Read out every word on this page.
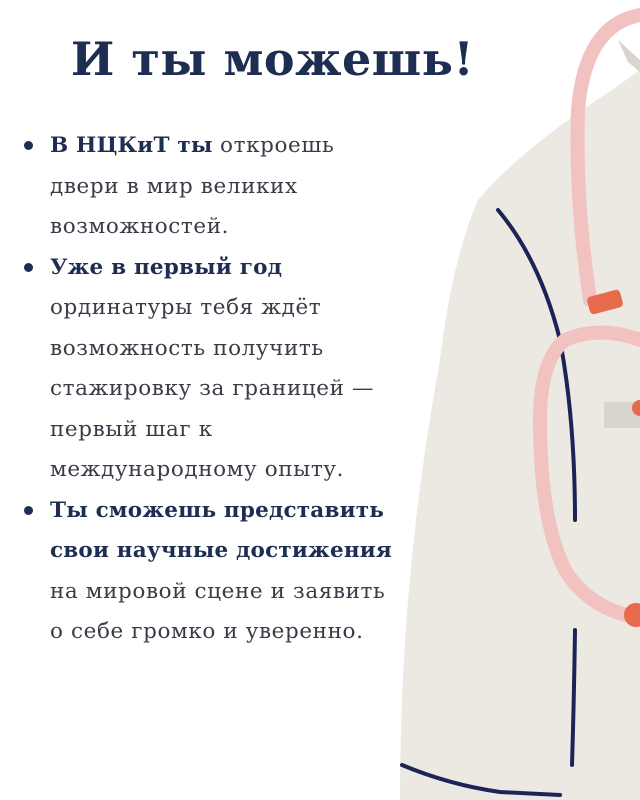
И ты можешь!
В НЦКиТ ты откроешь двери в мир великих возможностей.
Уже в первый год ординатуры тебя ждёт возможность получить стажировку за границей — первый шаг к международному опыту.
Ты сможешь представить свои научные достижения на мировой сцене и заявить о себе громко и уверенно.
